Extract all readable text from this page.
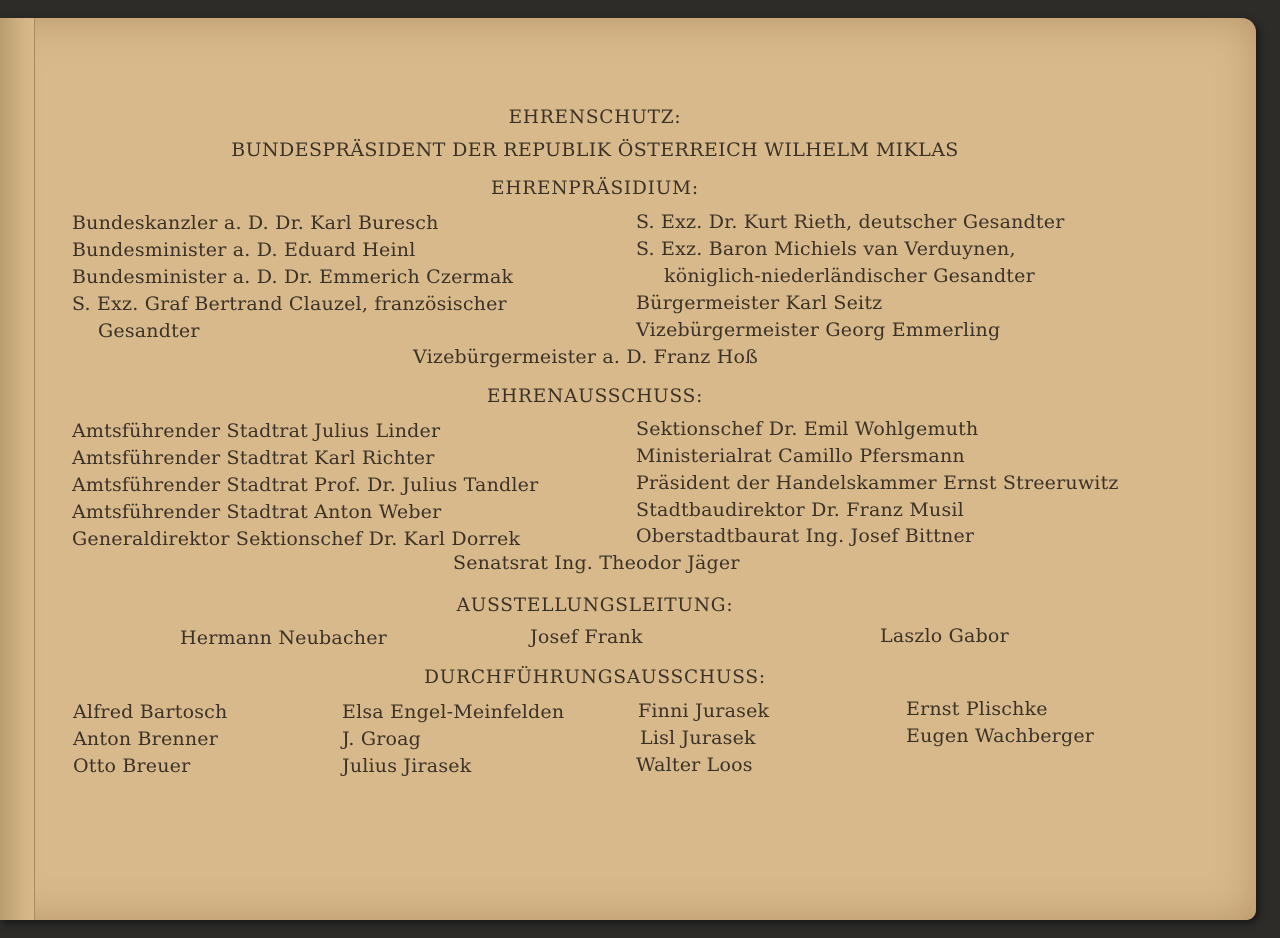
EHRENSCHUTZ:
BUNDESPRÄSIDENT DER REPUBLIK ÖSTERREICH WILHELM MIKLAS
EHRENPRÄSIDIUM:
Bundeskanzler a. D. Dr. Karl Buresch
Bundesminister a. D. Eduard Heinl
Bundesminister a. D. Dr. Emmerich Czermak
S. Exz. Graf Bertrand Clauzel, französischer
Gesandter
S. Exz. Dr. Kurt Rieth, deutscher Gesandter
S. Exz. Baron Michiels van Verduynen,
königlich-niederländischer Gesandter
Bürgermeister Karl Seitz
Vizebürgermeister Georg Emmerling
Vizebürgermeister a. D. Franz Hoß
EHRENAUSSCHUSS:
Amtsführender Stadtrat Julius Linder
Amtsführender Stadtrat Karl Richter
Amtsführender Stadtrat Prof. Dr. Julius Tandler
Amtsführender Stadtrat Anton Weber
Generaldirektor Sektionschef Dr. Karl Dorrek
Sektionschef Dr. Emil Wohlgemuth
Ministerialrat Camillo Pfersmann
Präsident der Handelskammer Ernst Streeruwitz
Stadtbaudirektor Dr. Franz Musil
Oberstadtbaurat Ing. Josef Bittner
Senatsrat Ing. Theodor Jäger
AUSSTELLUNGSLEITUNG:
Hermann Neubacher	Josef Frank	Laszlo Gabor
DURCHFÜHRUNGSAUSSCHUSS:
Alfred Bartosch
Anton Brenner
Otto Breuer
Elsa Engel-Meinfelden
J. Groag
Julius Jirasek
Finni Jurasek
Lisl Jurasek
Walter Loos
Ernst Plischke
Eugen Wachberger
